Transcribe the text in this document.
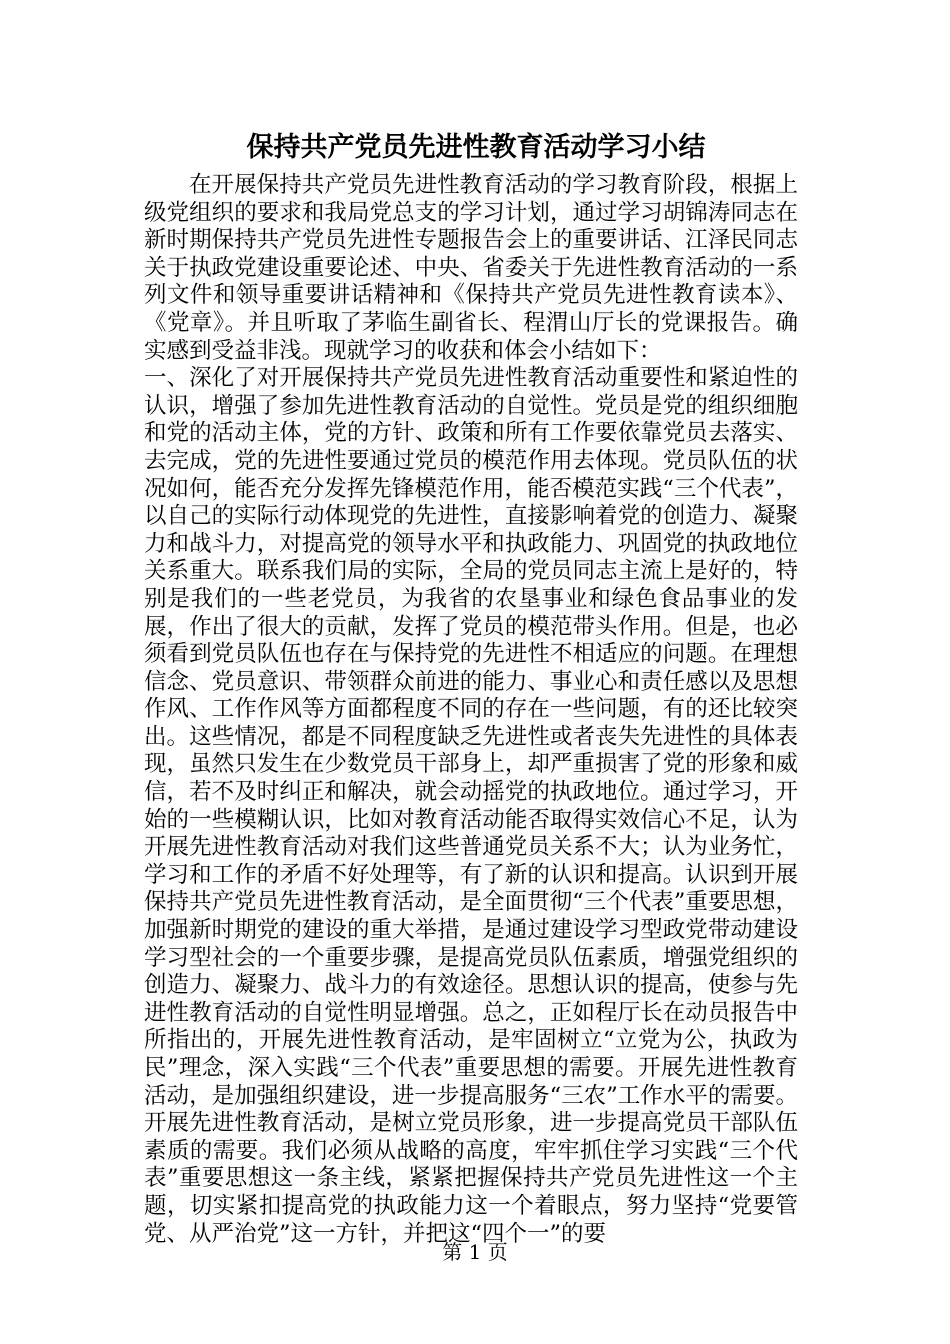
保持共产党员先进性教育活动学习小结

在开展保持共产党员先进性教育活动的学习教育阶段，根据上级党组织的要求和我局党总支的学习计划，通过学习胡锦涛同志在新时期保持共产党员先进性专题报告会上的重要讲话、江泽民同志关于执政党建设重要论述、中央、省委关于先进性教育活动的一系列文件和领导重要讲话精神和《保持共产党员先进性教育读本》、《党章》。并且听取了茅临生副省长、程渭山厅长的党课报告。确实感到受益非浅。现就学习的收获和体会小结如下：

一、深化了对开展保持共产党员先进性教育活动重要性和紧迫性的认识，增强了参加先进性教育活动的自觉性。党员是党的组织细胞和党的活动主体，党的方针、政策和所有工作要依靠党员去落实、去完成，党的先进性要通过党员的模范作用去体现。党员队伍的状况如何，能否充分发挥先锋模范作用，能否模范实践“三个代表”，以自己的实际行动体现党的先进性，直接影响着党的创造力、凝聚力和战斗力，对提高党的领导水平和执政能力、巩固党的执政地位关系重大。联系我们局的实际，全局的党员同志主流上是好的，特别是我们的一些老党员，为我省的农垦事业和绿色食品事业的发展，作出了很大的贡献，发挥了党员的模范带头作用。但是，也必须看到党员队伍也存在与保持党的先进性不相适应的问题。在理想信念、党员意识、带领群众前进的能力、事业心和责任感以及思想作风、工作作风等方面都程度不同的存在一些问题，有的还比较突出。这些情况，都是不同程度缺乏先进性或者丧失先进性的具体表现，虽然只发生在少数党员干部身上，却严重损害了党的形象和威信，若不及时纠正和解决，就会动摇党的执政地位。通过学习，开始的一些模糊认识，比如对教育活动能否取得实效信心不足，认为开展先进性教育活动对我们这些普通党员关系不大；认为业务忙，学习和工作的矛盾不好处理等，有了新的认识和提高。认识到开展保持共产党员先进性教育活动，是全面贯彻“三个代表”重要思想，加强新时期党的建设的重大举措，是通过建设学习型政党带动建设学习型社会的一个重要步骤，是提高党员队伍素质，增强党组织的创造力、凝聚力、战斗力的有效途径。思想认识的提高，使参与先进性教育活动的自觉性明显增强。总之，正如程厅长在动员报告中所指出的，开展先进性教育活动，是牢固树立“立党为公，执政为民”理念，深入实践“三个代表”重要思想的需要。开展先进性教育活动，是加强组织建设，进一步提高服务“三农”工作水平的需要。开展先进性教育活动，是树立党员形象，进一步提高党员干部队伍素质的需要。我们必须从战略的高度，牢牢抓住学习实践“三个代表”重要思想这一条主线，紧紧把握保持共产党员先进性这一个主题，切实紧扣提高党的执政能力这一个着眼点，努力坚持“党要管党、从严治党”这一方针，并把这“四个一”的要

第 1 页
